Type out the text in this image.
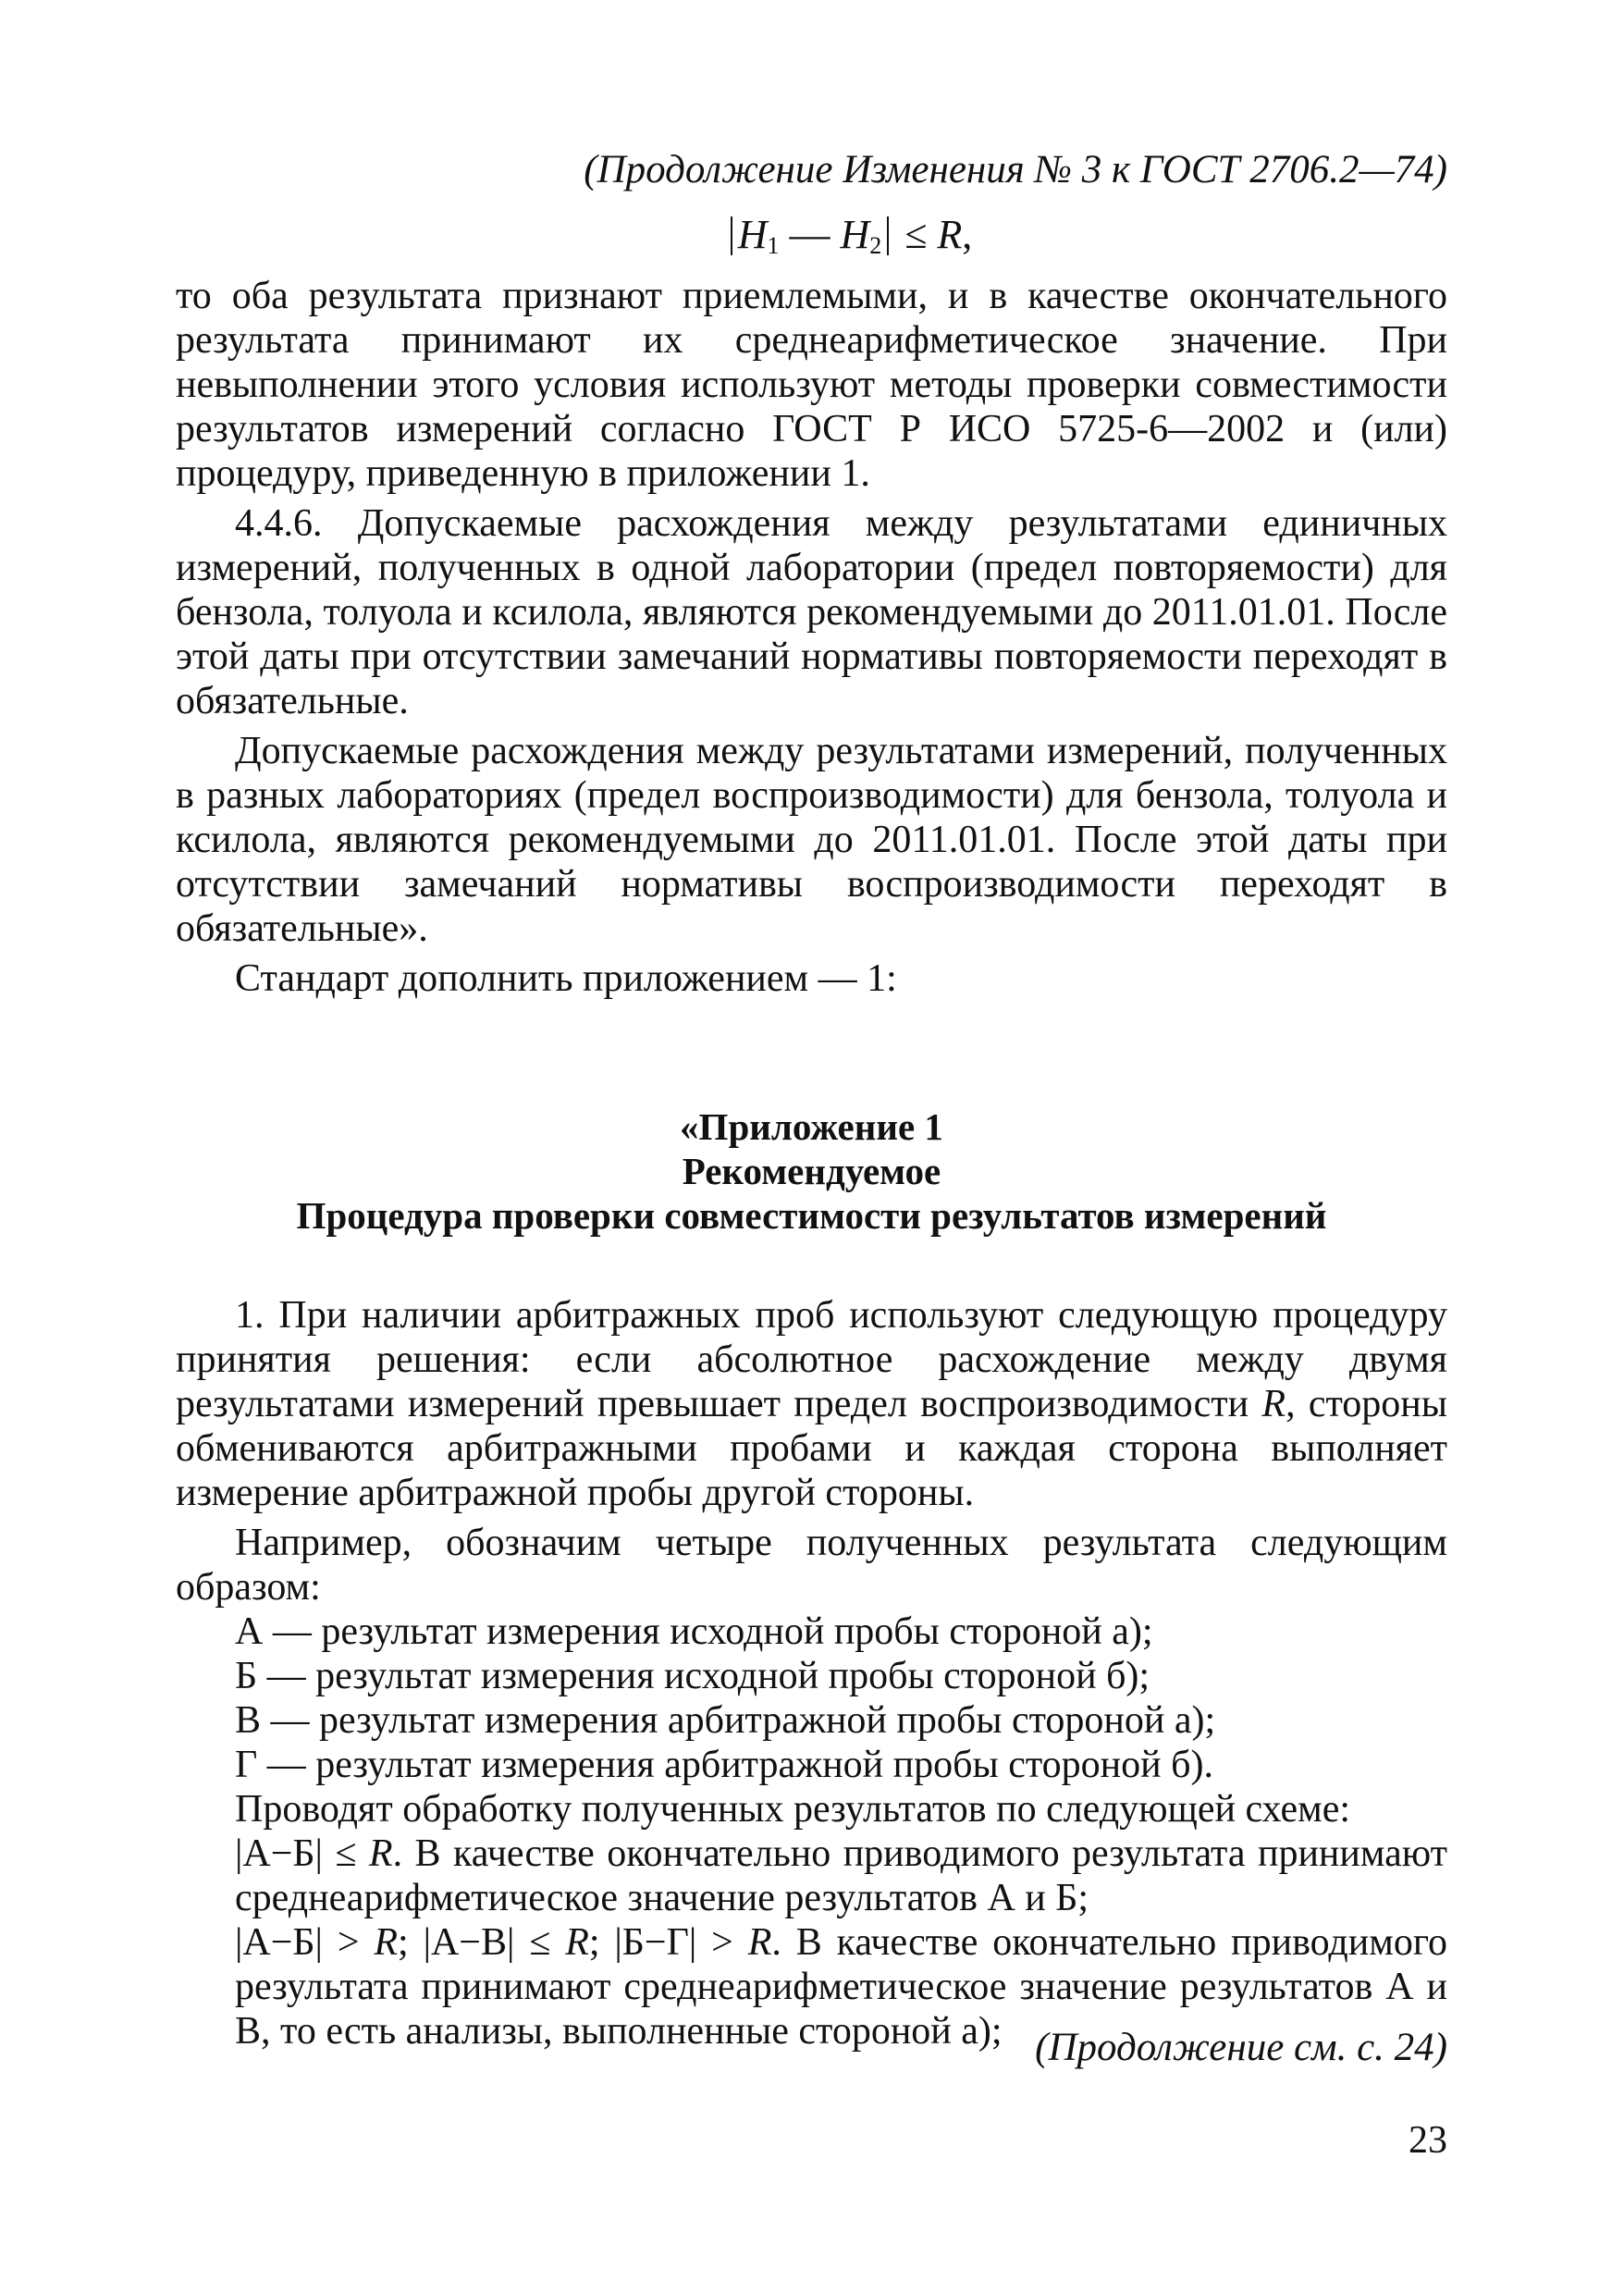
(Продолжение Изменения № 3 к ГОСТ 2706.2—74)
$H_1$ — $H_2 \le R$,

то оба результата признают приемлемыми, и в качестве окончательного результата принимают их среднеарифметическое значение. При невыполнении этого условия используют методы проверки совместимости результатов измерений согласно ГОСТ Р ИСО 5725-6—2002 и (или) процедуру, приведенную в приложении 1.

4.4.6. Допускаемые расхождения между результатами единичных измерений, полученных в одной лаборатории (предел повторяемости) для бензола, толуола и ксилола, являются рекомендуемыми до 2011.01.01. После этой даты при отсутствии замечаний нормативы повторяемости переходят в обязательные.

Допускаемые расхождения между результатами измерений, полученных в разных лабораториях (предел воспроизводимости) для бензола, толуола и ксилола, являются рекомендуемыми до 2011.01.01. После этой даты при отсутствии замечаний нормативы воспроизводимости переходят в обязательные».

Стандарт дополнить приложением — 1:

«Приложение 1
Рекомендуемое
Процедура проверки совместимости результатов измерений

1. При наличии арбитражных проб используют следующую процедуру принятия решения: если абсолютное расхождение между двумя результатами измерений превышает предел воспроизводимости R, стороны обмениваются арбитражными пробами и каждая сторона выполняет измерение арбитражной пробы другой стороны.

Например, обозначим четыре полученных результата следующим образом:

А — результат измерения исходной пробы стороной а);
Б — результат измерения исходной пробы стороной б);
В — результат измерения арбитражной пробы стороной а);
Г — результат измерения арбитражной пробы стороной б).
Проводят обработку полученных результатов по следующей схеме:
|А−Б| ≤ R. В качестве окончательно приводимого результата принимают среднеарифметическое значение результатов А и Б;
|А−Б| > R; |А−В| ≤ R; |Б−Г| > R. В качестве окончательно приводимого результата принимают среднеарифметическое значение результатов А и В, то есть анализы, выполненные стороной а); (Продолжение см. с. 24)
23
